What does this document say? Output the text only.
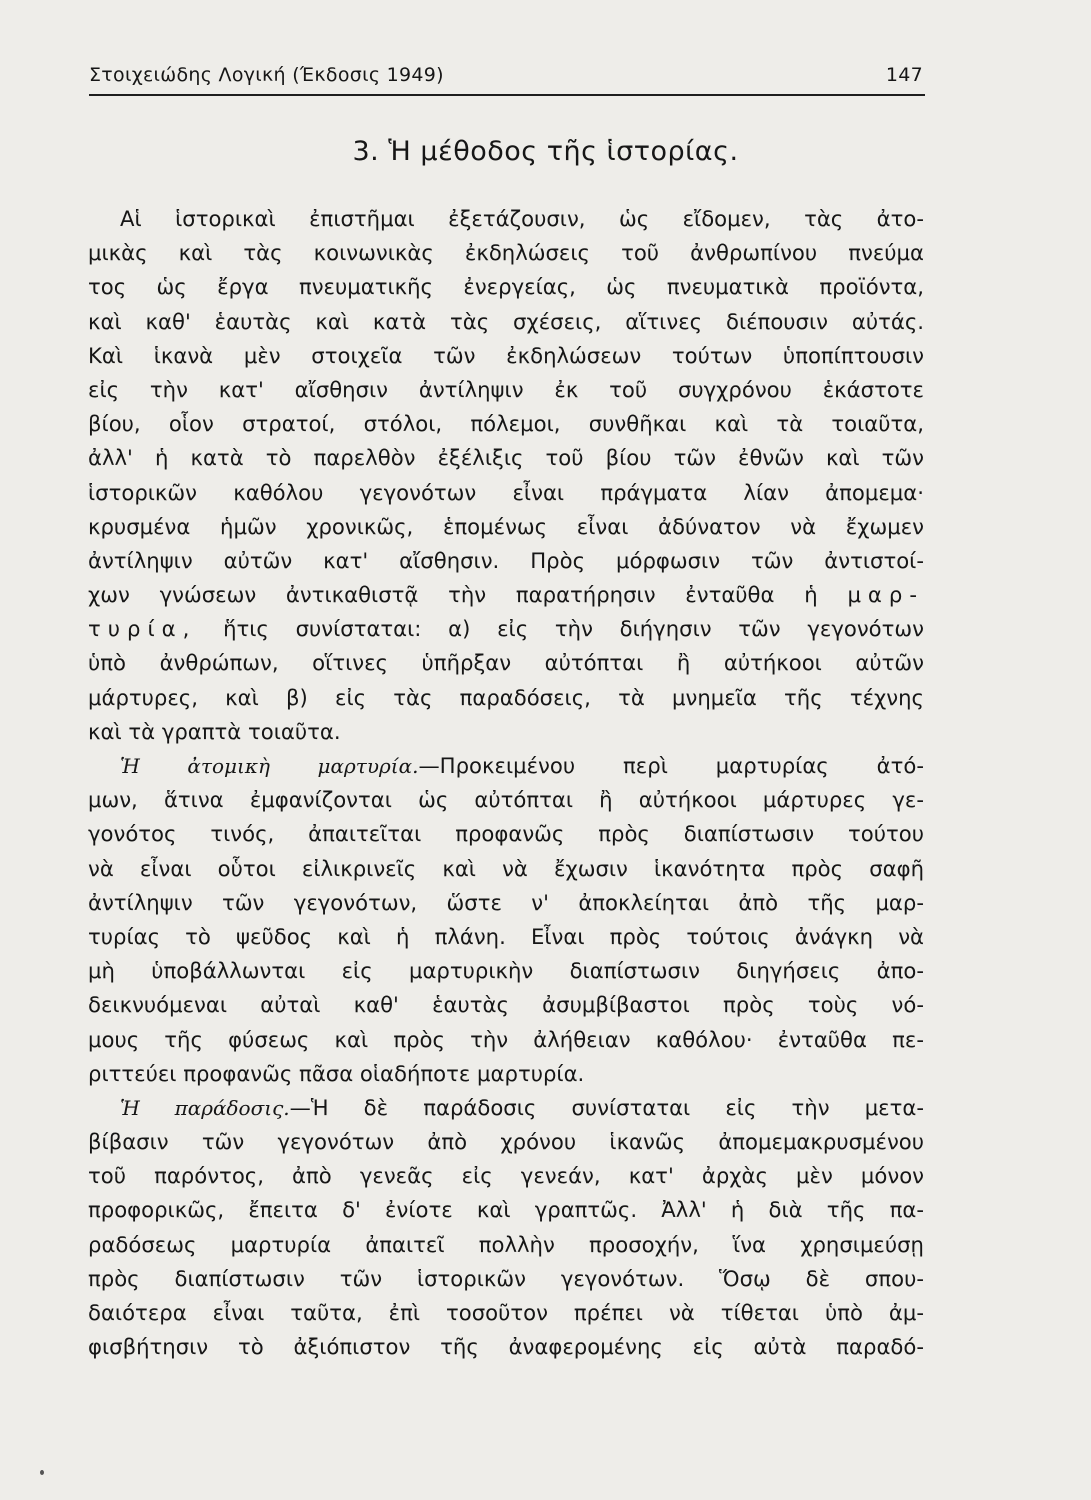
Στοιχειώδης Λογική (Έκδοσις 1949)	147
3. Ἡ μέθοδος τῆς ἱστορίας.
Αἱ ἱστορικαὶ ἐπιστῆμαι ἐξετάζουσιν, ὡς εἴδομεν, τὰς ἀτο-
μικὰς καὶ τὰς κοινωνικὰς ἐκδηλώσεις τοῦ ἀνθρωπίνου πνεύμα
τος ὡς ἔργα πνευματικῆς ἐνεργείας, ὡς πνευματικὰ προϊόντα,
καὶ καθ' ἑαυτὰς καὶ κατὰ τὰς σχέσεις, αἵτινες διέπουσιν αὐτάς.
Καὶ ἱκανὰ μὲν στοιχεῖα τῶν ἐκδηλώσεων τούτων ὑποπίπτουσιν
εἰς τὴν κατ' αἴσθησιν ἀντίληψιν ἐκ τοῦ συγχρόνου ἑκάστοτε
βίου, οἷον στρατοί, στόλοι, πόλεμοι, συνθῆκαι καὶ τὰ τοιαῦτα,
ἀλλ' ἡ κατὰ τὸ παρελθὸν ἐξέλιξις τοῦ βίου τῶν ἐθνῶν καὶ τῶν
ἱστορικῶν καθόλου γεγονότων εἶναι πράγματα λίαν ἀπομεμα·
κρυσμένα ἡμῶν χρονικῶς, ἑπομένως εἶναι ἀδύνατον νὰ ἔχωμεν
ἀντίληψιν αὐτῶν κατ' αἴσθησιν. Πρὸς μόρφωσιν τῶν ἀντιστοί-
χων γνώσεων ἀντικαθιστᾷ τὴν παρατήρησιν ἐνταῦθα ἡ μαρ-
τυρία, ἥτις συνίσταται: α) εἰς τὴν διήγησιν τῶν γεγονότων
ὑπὸ ἀνθρώπων, οἵτινες ὑπῆρξαν αὐτόπται ἢ αὐτήκοοι αὐτῶν
μάρτυρες, καὶ β) εἰς τὰς παραδόσεις, τὰ μνημεῖα τῆς τέχνης
καὶ τὰ γραπτὰ τοιαῦτα.
Ἡ ἀτομικὴ μαρτυρία.—Προκειμένου περὶ μαρτυρίας ἀτό-
μων, ἅτινα ἐμφανίζονται ὡς αὐτόπται ἢ αὐτήκοοι μάρτυρες γε-
γονότος τινός, ἀπαιτεῖται προφανῶς πρὸς διαπίστωσιν τούτου
νὰ εἶναι οὗτοι εἰλικρινεῖς καὶ νὰ ἔχωσιν ἱκανότητα πρὸς σαφῆ
ἀντίληψιν τῶν γεγονότων, ὥστε ν' ἀποκλείηται ἀπὸ τῆς μαρ-
τυρίας τὸ ψεῦδος καὶ ἡ πλάνη. Εἶναι πρὸς τούτοις ἀνάγκη νὰ
μὴ ὑποβάλλωνται εἰς μαρτυρικὴν διαπίστωσιν διηγήσεις ἀπο-
δεικνυόμεναι αὐταὶ καθ' ἑαυτὰς ἀσυμβίβαστοι πρὸς τοὺς νό-
μους τῆς φύσεως καὶ πρὸς τὴν ἀλήθειαν καθόλου· ἐνταῦθα πε-
ριττεύει προφανῶς πᾶσα οἱαδήποτε μαρτυρία.
Ἡ παράδοσις.—Ἡ δὲ παράδοσις συνίσταται εἰς τὴν μετα-
βίβασιν τῶν γεγονότων ἀπὸ χρόνου ἱκανῶς ἀπομεμακρυσμένου
τοῦ παρόντος, ἀπὸ γενεᾶς εἰς γενεάν, κατ' ἀρχὰς μὲν μόνον
προφορικῶς, ἔπειτα δ' ἐνίοτε καὶ γραπτῶς. Ἀλλ' ἡ διὰ τῆς πα-
ραδόσεως μαρτυρία ἀπαιτεῖ πολλὴν προσοχήν, ἵνα χρησιμεύσῃ
πρὸς διαπίστωσιν τῶν ἱστορικῶν γεγονότων. Ὅσῳ δὲ σπου-
δαιότερα εἶναι ταῦτα, ἐπὶ τοσοῦτον πρέπει νὰ τίθεται ὑπὸ ἀμ-
φισβήτησιν τὸ ἀξιόπιστον τῆς ἀναφερομένης εἰς αὐτὰ παραδό-
